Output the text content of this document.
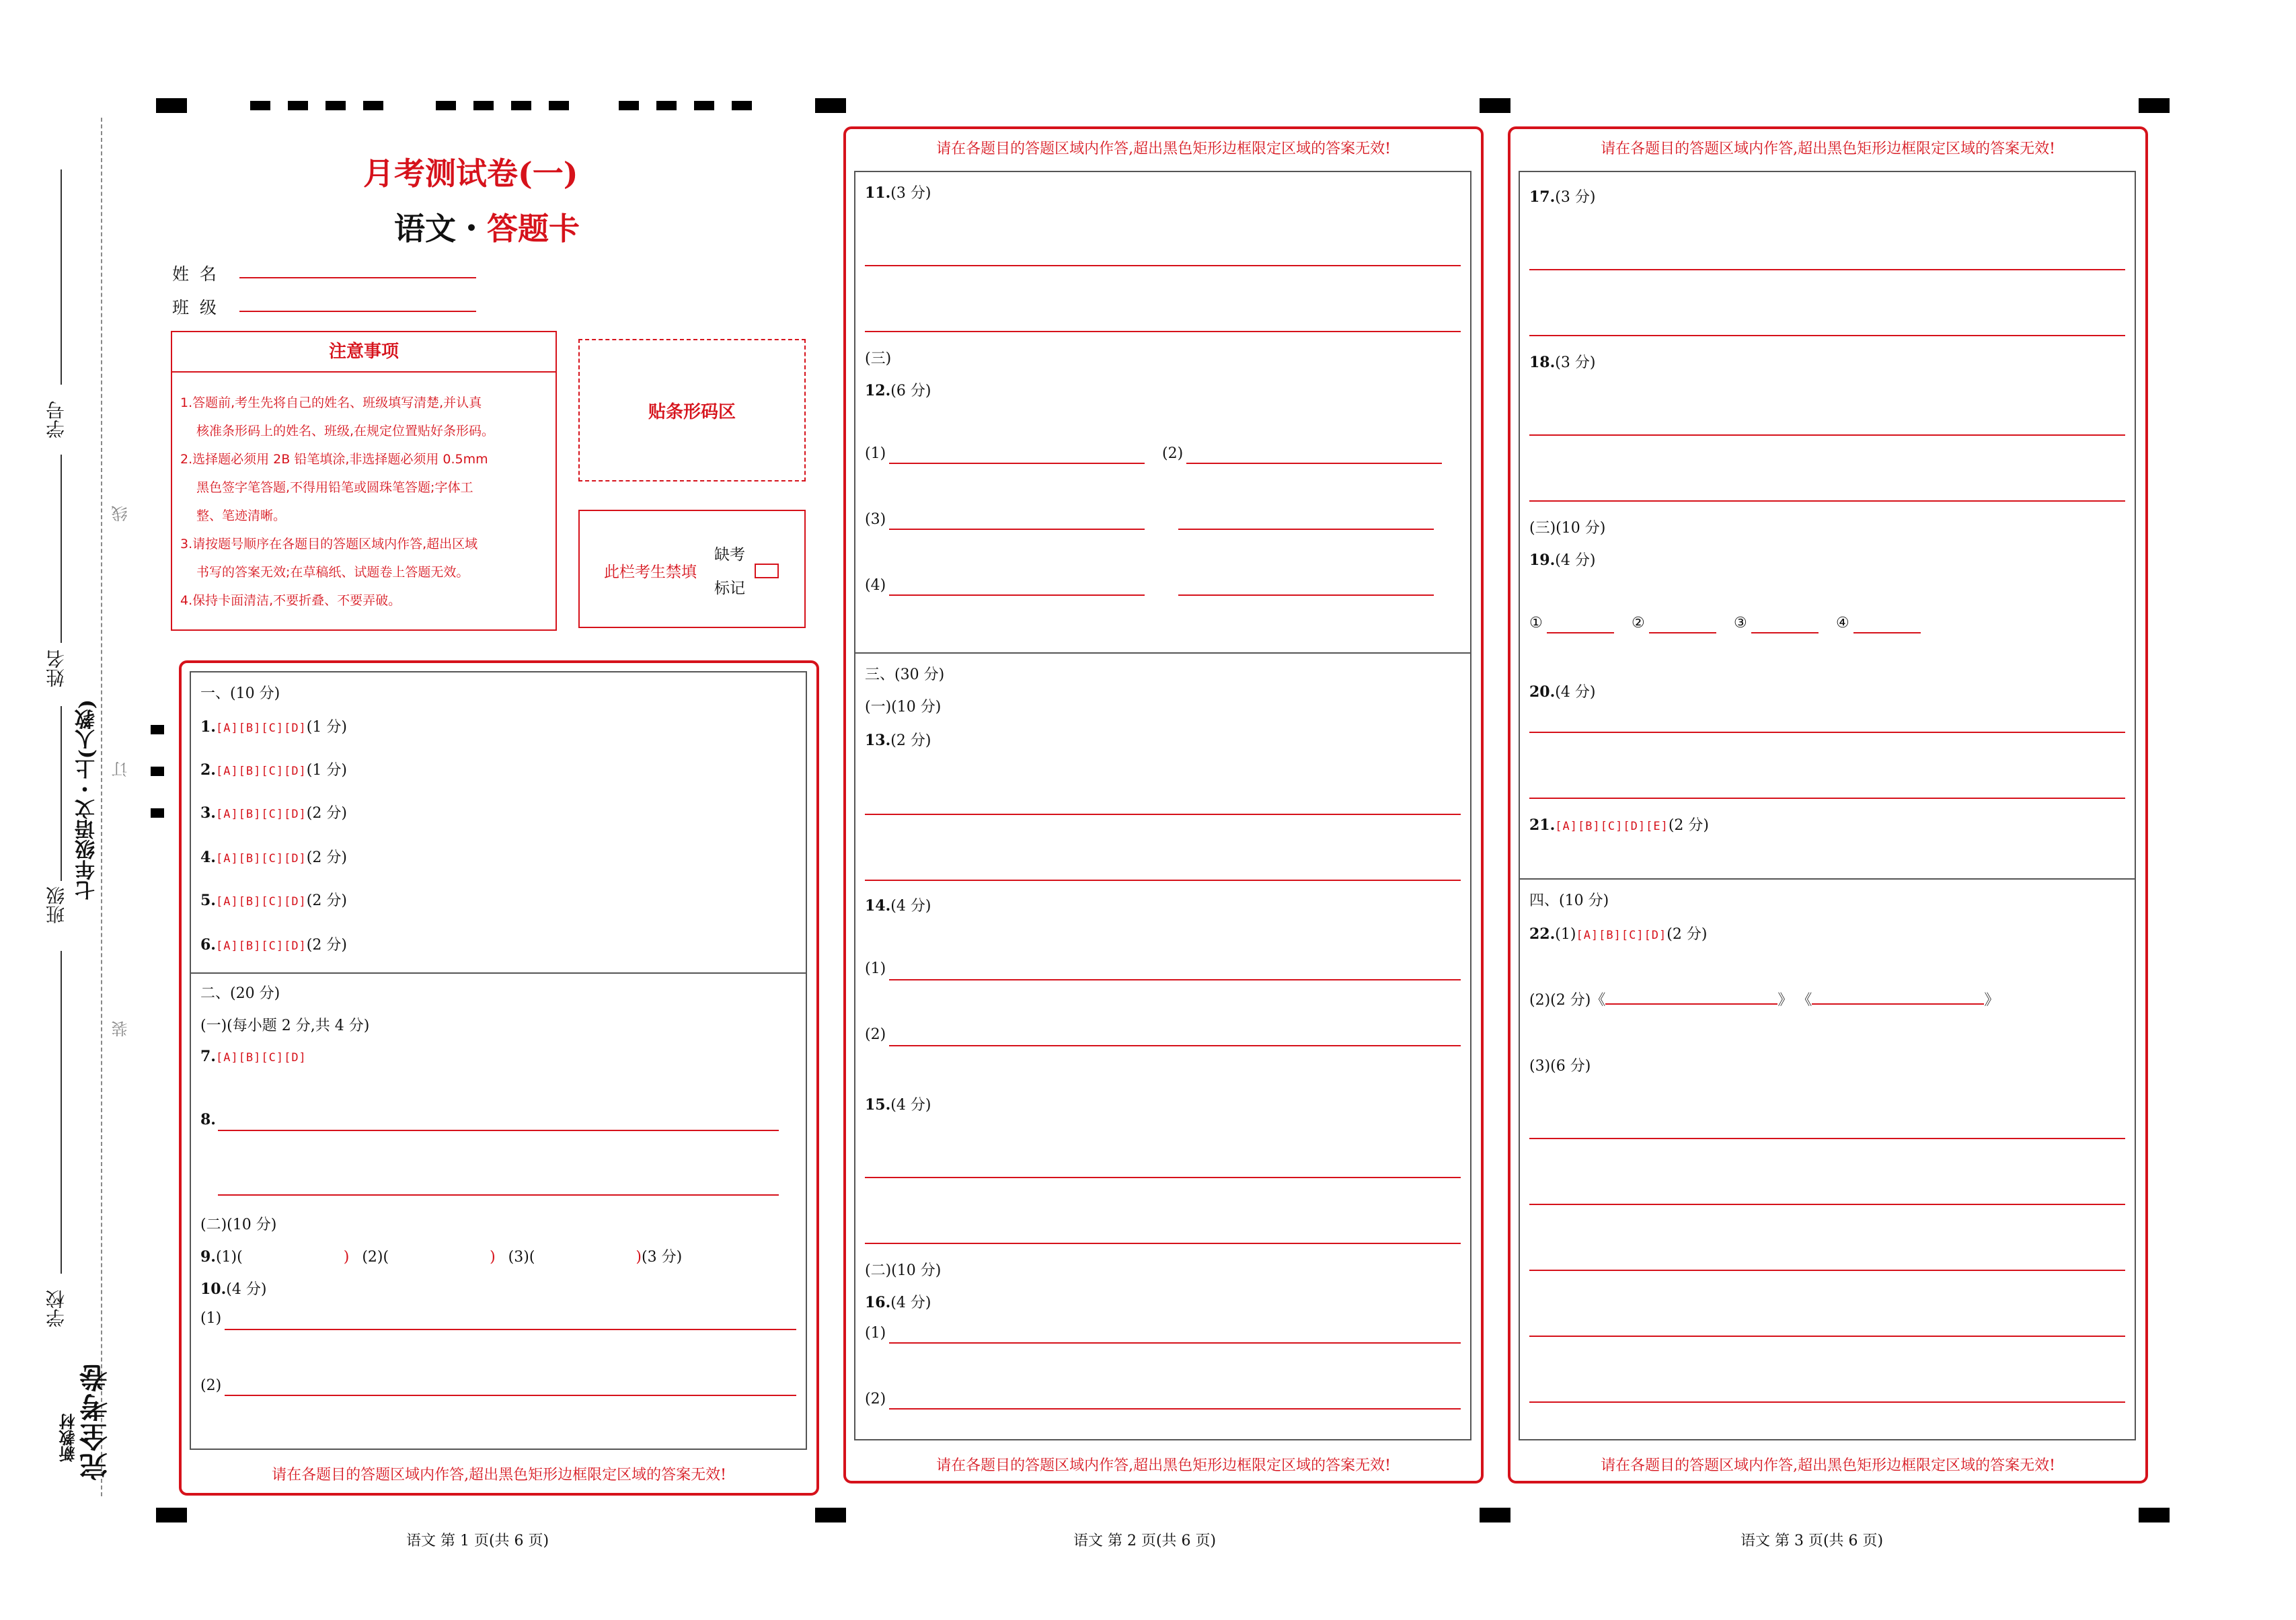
线
订
装
学号
姓名
七年级语文・上(人教)
班级
学校
新教材 完全考卷
月考测试卷(一)
语文・答题卡
姓  名
班  级
注意事项
1.答题前,考生先将自己的姓名、班级填写清楚,并认真
核准条形码上的姓名、班级,在规定位置贴好条形码。
2.选择题必须用 2B 铅笔填涂,非选择题必须用 0.5mm
黑色签字笔答题,不得用铅笔或圆珠笔答题;字体工
整、笔迹清晰。
3.请按题号顺序在各题目的答题区域内作答,超出区域
书写的答案无效;在草稿纸、试题卷上答题无效。
4.保持卡面清洁,不要折叠、不要弄破。
贴条形码区
此栏考生禁填
缺考
标记
请在各题目的答题区域内作答,超出黑色矩形边框限定区域的答案无效!
一、(10 分)
1.[A][B][C][D](1 分)
2.[A][B][C][D](1 分)
3.[A][B][C][D](2 分)
4.[A][B][C][D](2 分)
5.[A][B][C][D](2 分)
6.[A][B][C][D](2 分)
二、(20 分)
(一)(每小题 2 分,共 4 分)
7.[A][B][C][D]
8.
(二)(10 分)
9.(1)(	) (2)(	) (3)(	)(3 分)
10.(4 分)
(1)
(2)
语文 第 1 页(共 6 页)
请在各题目的答题区域内作答,超出黑色矩形边框限定区域的答案无效!
请在各题目的答题区域内作答,超出黑色矩形边框限定区域的答案无效!
11.(3 分)
(三)
12.(6 分)
(1)	(2)
(3)
(4)
三、(30 分)
(一)(10 分)
13.(2 分)
14.(4 分)
(1)
(2)
15.(4 分)
(二)(10 分)
16.(4 分)
(1)
(2)
语文 第 2 页(共 6 页)
请在各题目的答题区域内作答,超出黑色矩形边框限定区域的答案无效!
请在各题目的答题区域内作答,超出黑色矩形边框限定区域的答案无效!
17.(3 分)
18.(3 分)
(三)(10 分)
19.(4 分)
①	②	③	④
20.(4 分)
21.[A][B][C][D][E](2 分)
四、(10 分)
22.(1)[A][B][C][D](2 分)
(2)(2 分)《	》 《	》
(3)(6 分)
语文 第 3 页(共 6 页)
